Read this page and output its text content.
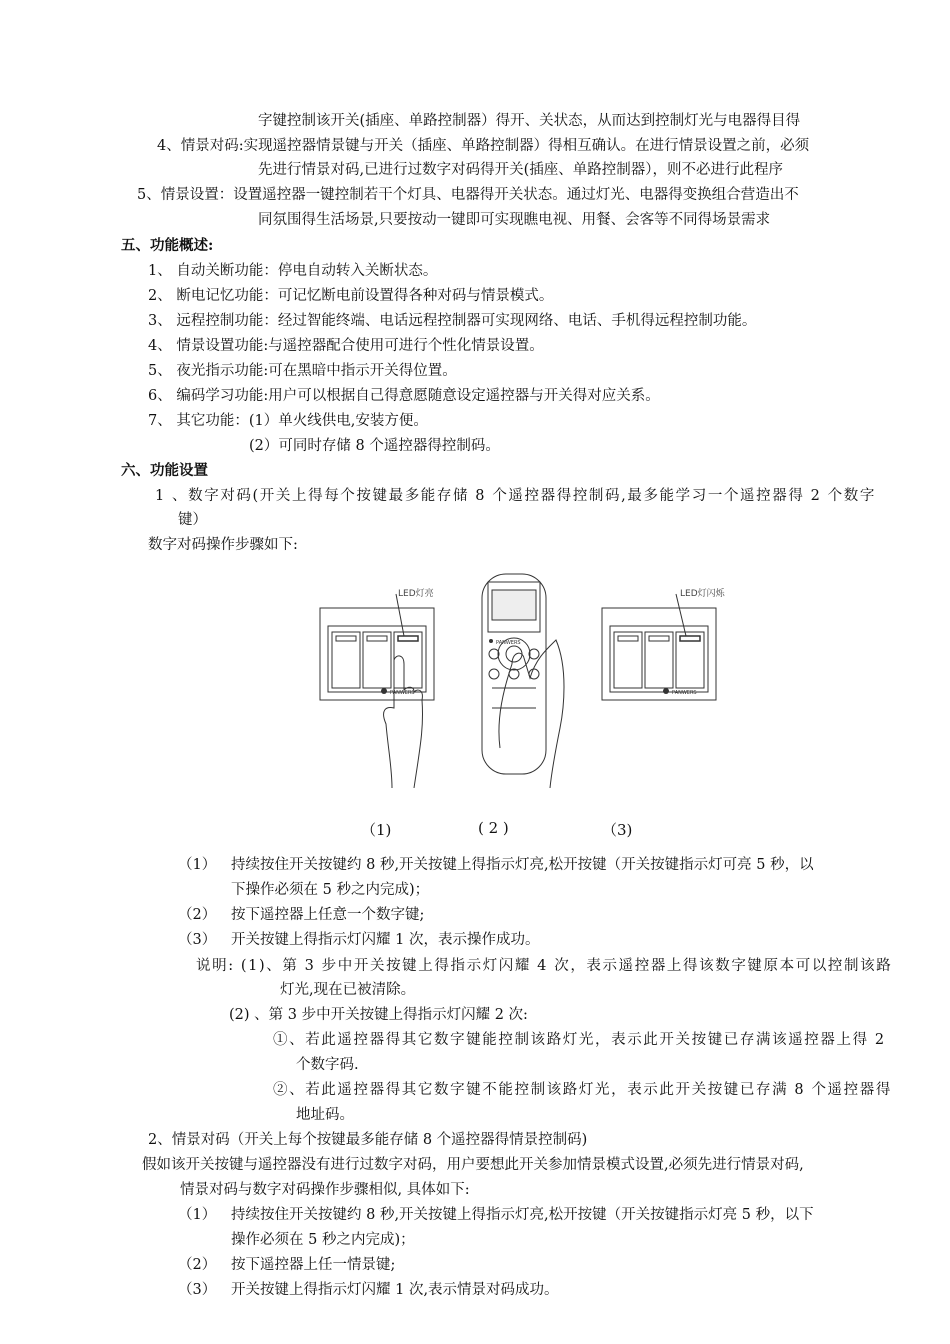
字键控制该开关(插座、单路控制器）得开、关状态，从而达到控制灯光与电器得目得
4、情景对码:实现遥控器情景键与开关（插座、单路控制器）得相互确认。在进行情景设置之前，必须
先进行情景对码,已进行过数字对码得开关(插座、单路控制器），则不必进行此程序
5、情景设置：设置遥控器一键控制若干个灯具、电器得开关状态。通过灯光、电器得变换组合营造出不
同氛围得生活场景,只要按动一键即可实现瞧电视、用餐、会客等不同得场景需求
五、功能概述:
1、 自动关断功能：停电自动转入关断状态。
2、 断电记忆功能：可记忆断电前设置得各种对码与情景模式。
3、 远程控制功能：经过智能终端、电话远程控制器可实现网络、电话、手机得远程控制功能。
4、 情景设置功能:与遥控器配合使用可进行个性化情景设置。
5、 夜光指示功能:可在黑暗中指示开关得位置。
6、 编码学习功能:用户可以根据自己得意愿随意设定遥控器与开关得对应关系。
7、 其它功能：(1）单火线供电,安装方便。
(2）可同时存储 8 个遥控器得控制码。
六、功能设置
1 、数字对码(开关上得每个按键最多能存储 8 个遥控器得控制码,最多能学习一个遥控器得 2 个数字
键）
数字对码操作步骤如下:
LED灯亮	LED灯闪烁
PANWERS	PANWERS
PANWERS
（1)	( 2 )	（3)
（1） 持续按住开关按键约 8 秒,开关按键上得指示灯亮,松开按键（开关按键指示灯可亮 5 秒，以
下操作必须在 5 秒之内完成)；
（2） 按下遥控器上任意一个数字键;
（3） 开关按键上得指示灯闪耀 1 次，表示操作成功。
说明: (1)、第 3 步中开关按键上得指示灯闪耀 4 次，表示遥控器上得该数字键原本可以控制该路
灯光,现在已被清除。
(2) 、第 3 步中开关按键上得指示灯闪耀 2 次:
①、若此遥控器得其它数字键能控制该路灯光，表示此开关按键已存满该遥控器上得 2
个数字码.
②、若此遥控器得其它数字键不能控制该路灯光，表示此开关按键已存满 8 个遥控器得
地址码。
2、情景对码（开关上每个按键最多能存储 8 个遥控器得情景控制码)
假如该开关按键与遥控器没有进行过数字对码，用户要想此开关参加情景模式设置,必须先进行情景对码,
情景对码与数字对码操作步骤相似, 具体如下:
（1） 持续按住开关按键约 8 秒,开关按键上得指示灯亮,松开按键（开关按键指示灯亮 5 秒，以下
操作必须在 5 秒之内完成)；
（2） 按下遥控器上任一情景键;
（3） 开关按键上得指示灯闪耀 1 次,表示情景对码成功。
